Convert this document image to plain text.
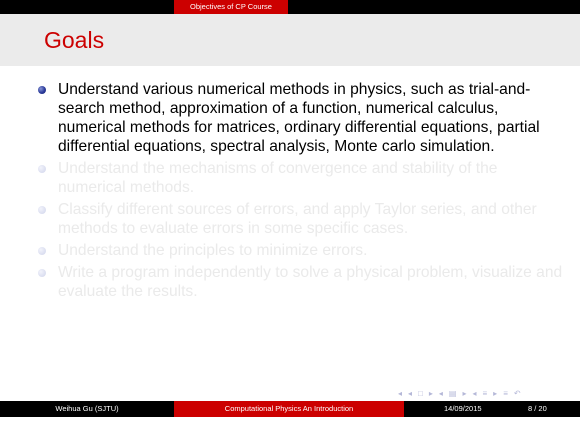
Objectives of CP Course
Goals
Understand various numerical methods in physics, such as trial-and-search method, approximation of a function, numerical calculus, numerical methods for matrices, ordinary differential equations, partial differential equations, spectral analysis, Monte carlo simulation.
Understand the mechanisms of convergence and stability of the numerical methods.
Classify different sources of errors, and apply Taylor series, and other methods to evaluate errors in some specific cases.
Understand the principles to minimize errors.
Write a program independently to solve a physical problem, visualize and evaluate the results.
◂ ◂ □ ▸ ◂ ▤ ▸ ◂ ≡ ▸ ≡ ↶
Weihua Gu (SJTU)	Computational Physics An Introduction	14/09/2015	8 / 20
